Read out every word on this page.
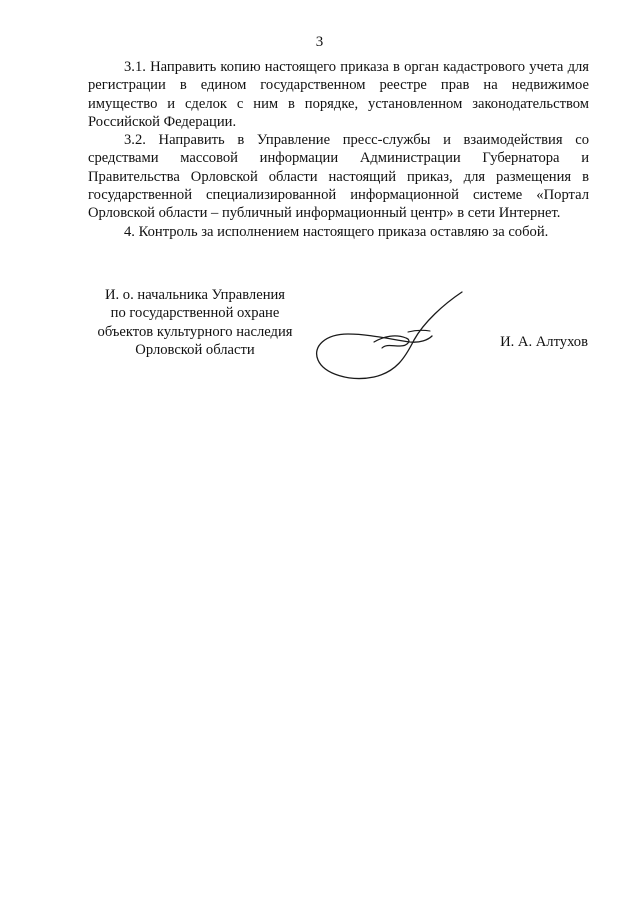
3

3.1. Направить копию настоящего приказа в орган кадастрового учета для регистрации в едином государственном реестре прав на недвижимое имущество и сделок с ним в порядке, установленном законодательством Российской Федерации.

3.2. Направить в Управление пресс-службы и взаимодействия со средствами массовой информации Администрации Губернатора и Правительства Орловской области настоящий приказ, для размещения в государственной специализированной информационной системе «Портал Орловской области – публичный информационный центр» в сети Интернет.

4. Контроль за исполнением настоящего приказа оставляю за собой.

И. о. начальника Управления
по государственной охране
объектов культурного наследия
Орловской области	И. А. Алтухов
